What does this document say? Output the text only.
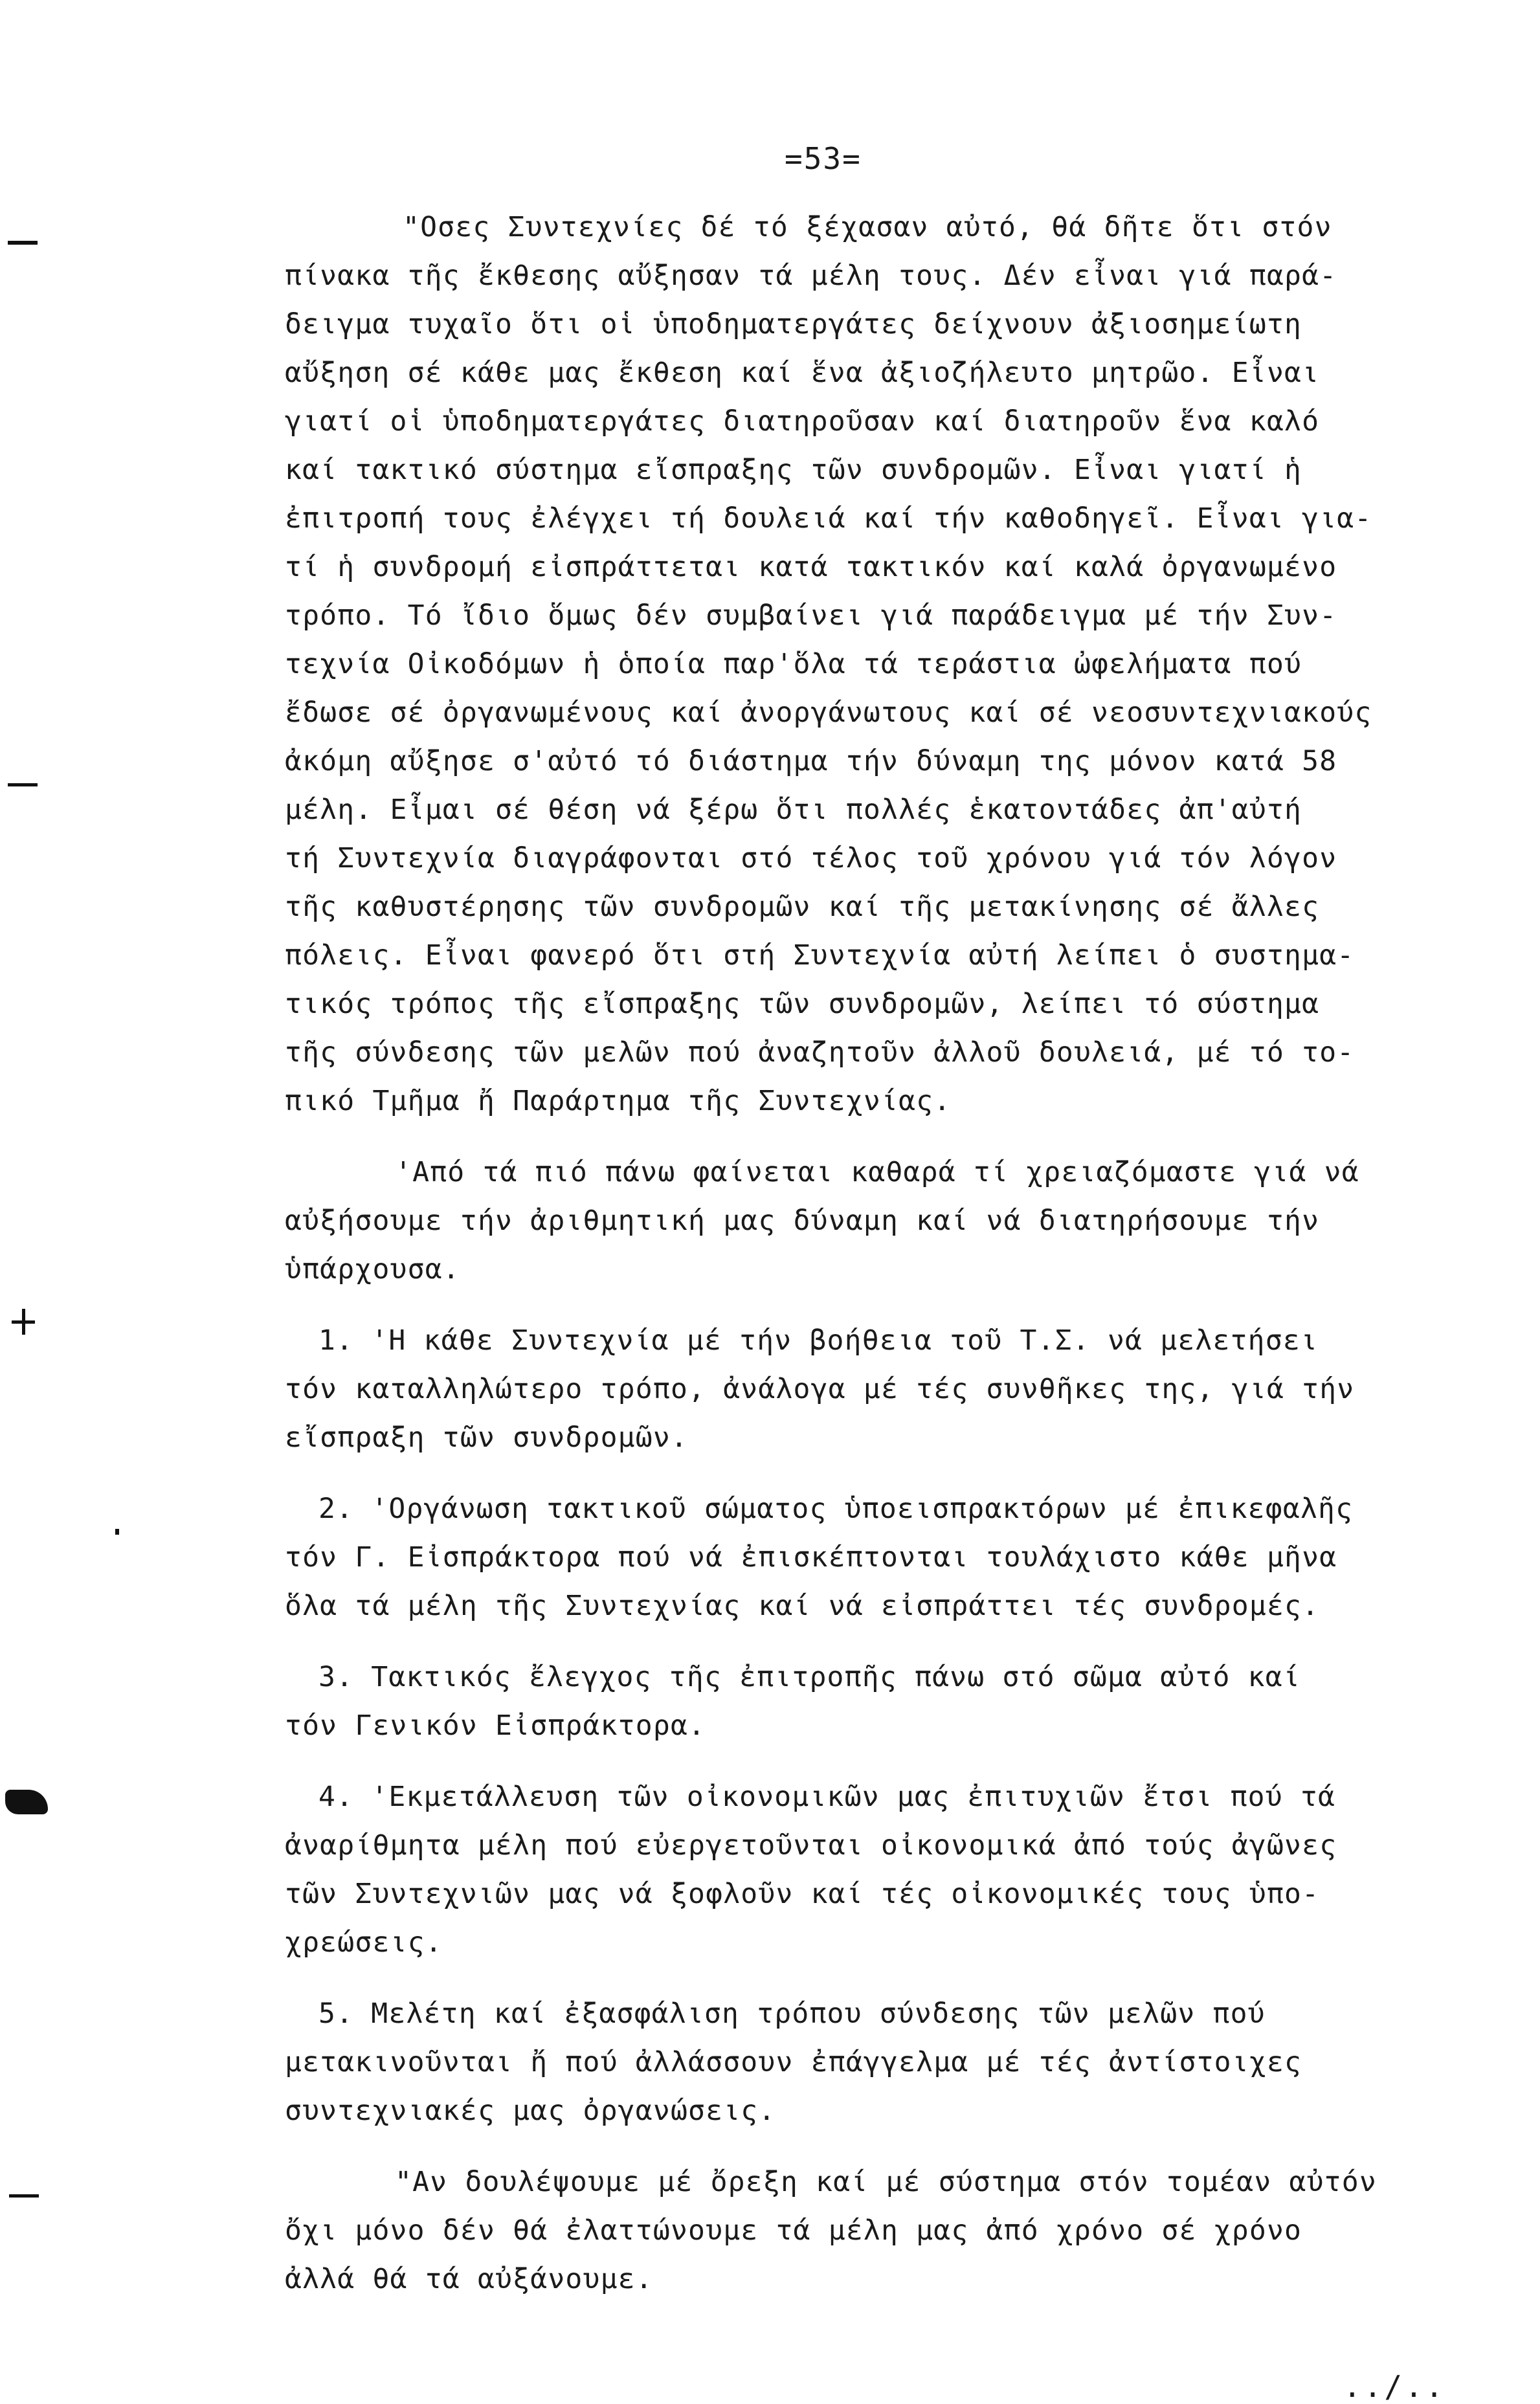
=53=
"Οσες Συντεχνίες δέ τό ξέχασαν αὐτό, θά δῆτε ὅτι στόν
πίνακα τῆς ἔκθεσης αὔξησαν τά μέλη τους. Δέν εἶναι γιά παρά-
δειγμα τυχαῖο ὅτι οἱ ὑποδηματεργάτες δείχνουν ἀξιοσημείωτη
αὔξηση σέ κάθε μας ἔκθεση καί ἕνα ἀξιοζήλευτο μητρῶο. Εἶναι
γιατί οἱ ὑποδηματεργάτες διατηροῦσαν καί διατηροῦν ἕνα καλό
καί τακτικό σύστημα εἴσπραξης τῶν συνδρομῶν. Εἶναι γιατί ἡ
ἐπιτροπή τους ἐλέγχει τή δουλειά καί τήν καθοδηγεῖ. Εἶναι για-
τί ἡ συνδρομή εἰσπράττεται κατά τακτικόν καί καλά ὀργανωμένο
τρόπο. Τό ἴδιο ὅμως δέν συμβαίνει γιά παράδειγμα μέ τήν Συν-
τεχνία Οἰκοδόμων ἡ ὁποία παρ'ὅλα τά τεράστια ὠφελήματα πού
ἔδωσε σέ ὀργανωμένους καί ἀνοργάνωτους καί σέ νεοσυντεχνιακούς
ἀκόμη αὔξησε σ'αὐτό τό διάστημα τήν δύναμη της μόνον κατά 58
μέλη. Εἶμαι σέ θέση νά ξέρω ὅτι πολλές ἑκατοντάδες ἀπ'αὐτή
τή Συντεχνία διαγράφονται στό τέλος τοῦ χρόνου γιά τόν λόγον
τῆς καθυστέρησης τῶν συνδρομῶν καί τῆς μετακίνησης σέ ἄλλες
πόλεις. Εἶναι φανερό ὅτι στή Συντεχνία αὐτή λείπει ὁ συστημα-
τικός τρόπος τῆς εἴσπραξης τῶν συνδρομῶν, λείπει τό σύστημα
τῆς σύνδεσης τῶν μελῶν πού ἀναζητοῦν ἀλλοῦ δουλειά, μέ τό το-
πικό Τμῆμα ἤ Παράρτημα τῆς Συντεχνίας.
'Από τά πιό πάνω φαίνεται καθαρά τί χρειαζόμαστε γιά νά
αὐξήσουμε τήν ἀριθμητική μας δύναμη καί νά διατηρήσουμε τήν
ὑπάρχουσα.
1. 'Η κάθε Συντεχνία μέ τήν βοήθεια τοῦ Τ.Σ. νά μελετήσει
τόν καταλληλώτερο τρόπο, ἀνάλογα μέ τές συνθῆκες της, γιά τήν
εἴσπραξη τῶν συνδρομῶν.
2. 'Οργάνωση τακτικοῦ σώματος ὑποεισπρακτόρων μέ ἐπικεφαλῆς
τόν Γ. Εἰσπράκτορα πού νά ἐπισκέπτονται τουλάχιστο κάθε μῆνα
ὅλα τά μέλη τῆς Συντεχνίας καί νά εἰσπράττει τές συνδρομές.
3. Τακτικός ἔλεγχος τῆς ἐπιτροπῆς πάνω στό σῶμα αὐτό καί
τόν Γενικόν Εἰσπράκτορα.
4. 'Εκμετάλλευση τῶν οἰκονομικῶν μας ἐπιτυχιῶν ἔτσι πού τά
ἀναρίθμητα μέλη πού εὐεργετοῦνται οἰκονομικά ἀπό τούς ἀγῶνες
τῶν Συντεχνιῶν μας νά ξοφλοῦν καί τές οἰκονομικές τους ὑπο-
χρεώσεις.
5. Μελέτη καί ἐξασφάλιση τρόπου σύνδεσης τῶν μελῶν πού
μετακινοῦνται ἤ πού ἀλλάσσουν ἐπάγγελμα μέ τές ἀντίστοιχες
συντεχνιακές μας ὀργανώσεις.
"Αν δουλέψουμε μέ ὄρεξη καί μέ σύστημα στόν τομέαν αὐτόν
ὄχι μόνο δέν θά ἐλαττώνουμε τά μέλη μας ἀπό χρόνο σέ χρόνο
ἀλλά θά τά αὐξάνουμε.
../..
